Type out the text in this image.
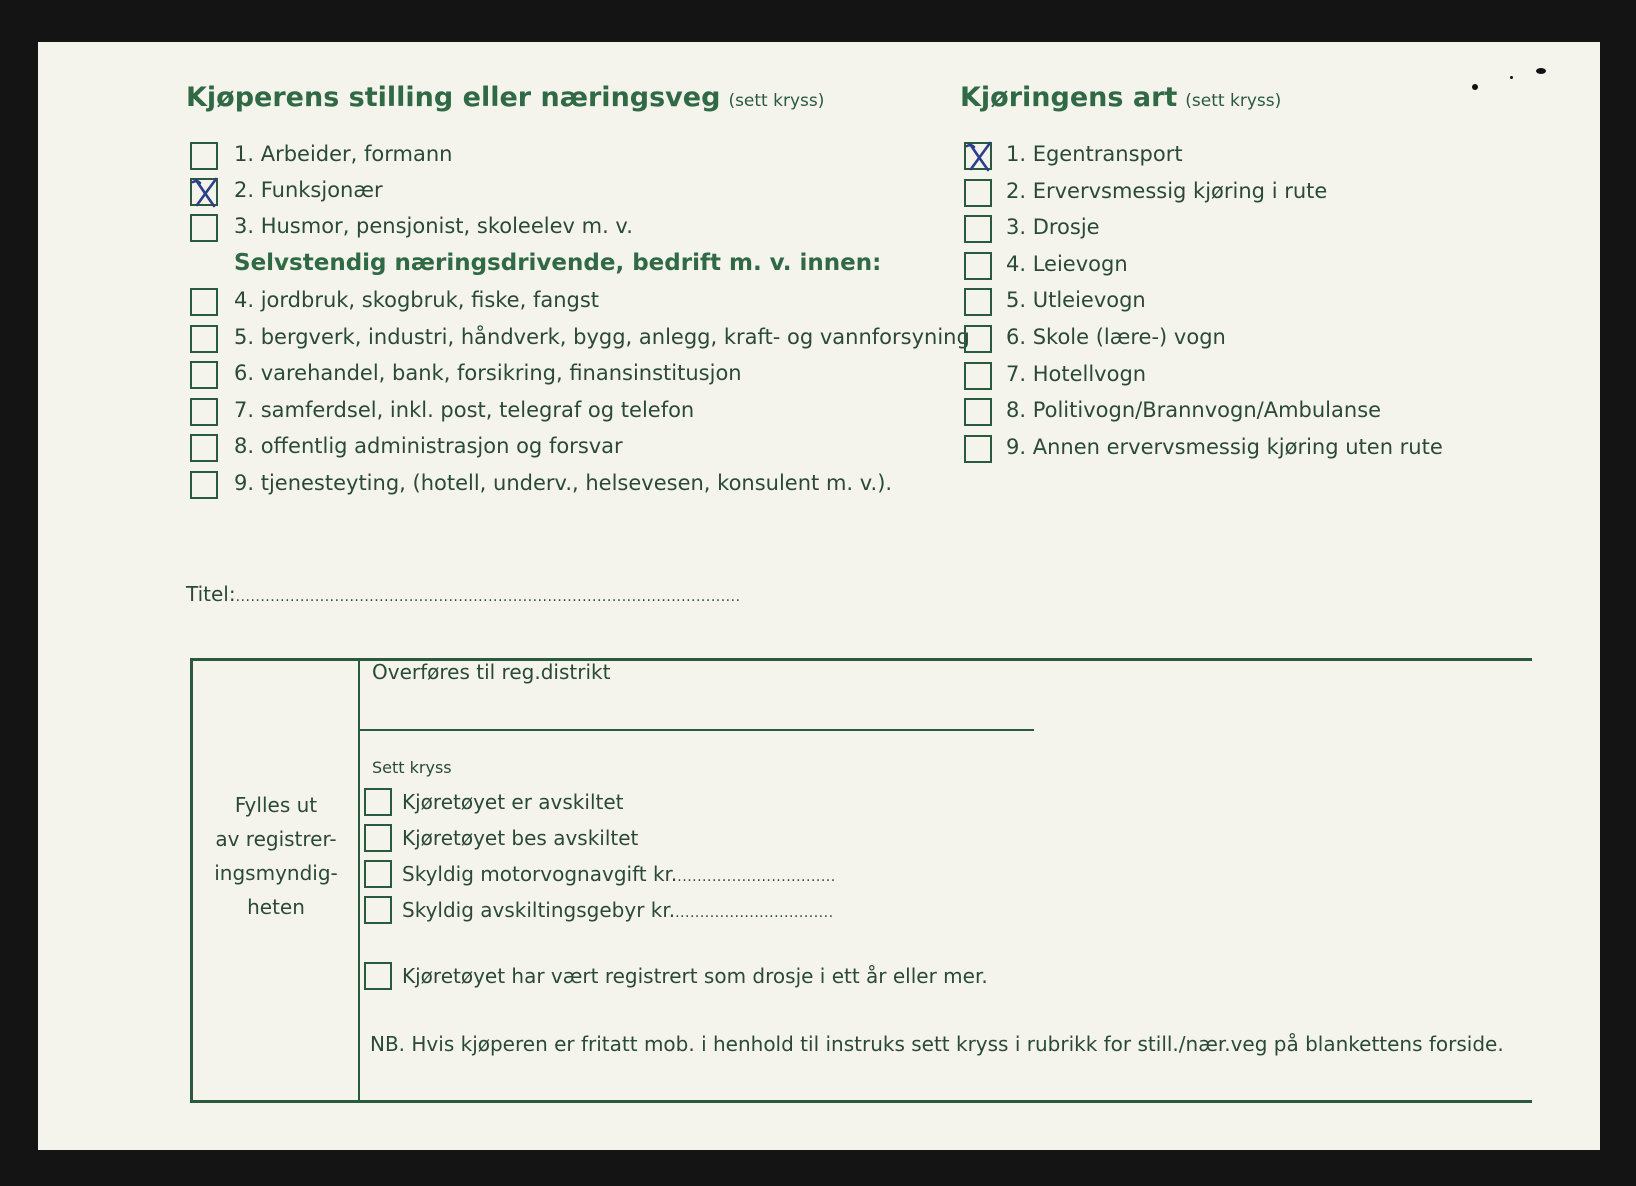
Kjøperens stilling eller næringsveg (sett kryss)
Selvstendig næringsdrivende, bedrift m. v. innen:
Kjøringens art (sett kryss)
Titel:......................................................................................................
Fylles ut
av registrer-
ingsmyndig-
heten
Overføres til reg.distrikt
Sett kryss
Kjøretøyet har vært registrert som drosje i ett år eller mer.
NB. Hvis kjøperen er fritatt mob. i henhold til instruks sett kryss i rubrikk for still./nær.veg på blankettens forside.
1. Arbeider, formann
2. Funksjonær
3. Husmor, pensjonist, skoleelev m. v.
4. jordbruk, skogbruk, fiske, fangst
5. bergverk, industri, håndverk, bygg, anlegg, kraft- og vannforsyning
6. varehandel, bank, forsikring, finansinstitusjon
7. samferdsel, inkl. post, telegraf og telefon
8. offentlig administrasjon og forsvar
9. tjenesteyting, (hotell, underv., helsevesen, konsulent m. v.).
1. Egentransport
2. Ervervsmessig kjøring i rute
3. Drosje
4. Leievogn
5. Utleievogn
6. Skole (lære-) vogn
7. Hotellvogn
8. Politivogn/Brannvogn/Ambulanse
9. Annen ervervsmessig kjøring uten rute
Kjøretøyet er avskiltet
Kjøretøyet bes avskiltet
Skyldig motorvognavgift kr.................................
Skyldig avskiltingsgebyr kr.................................
